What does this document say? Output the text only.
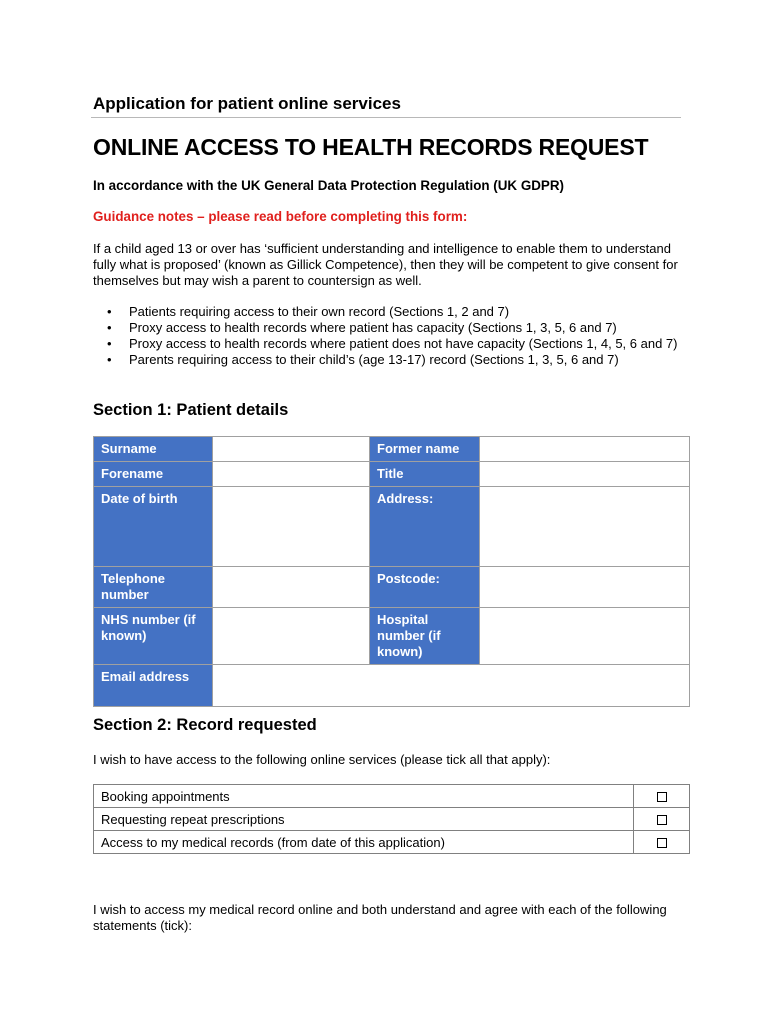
Application for patient online services
ONLINE ACCESS TO HEALTH RECORDS REQUEST
In accordance with the UK General Data Protection Regulation (UK GDPR)
Guidance notes – please read before completing this form:
If a child aged 13 or over has ‘sufficient understanding and intelligence to enable them to understand fully what is proposed’ (known as Gillick Competence), then they will be competent to give consent for themselves but may wish a parent to countersign as well.
• Patients requiring access to their own record (Sections 1, 2 and 7)
• Proxy access to health records where patient has capacity (Sections 1, 3, 5, 6 and 7)
• Proxy access to health records where patient does not have capacity (Sections 1, 4, 5, 6 and 7)
• Parents requiring access to their child’s (age 13-17) record (Sections 1, 3, 5, 6 and 7)
Section 1: Patient details
Surname		Former name	
Forename		Title	
Date of birth		Address:	
Telephone number		Postcode:	
NHS number (if known)		Hospital number (if known)	
Email address			
Section 2: Record requested
I wish to have access to the following online services (please tick all that apply):
Booking appointments	
Requesting repeat prescriptions	
Access to my medical records (from date of this application)	
I wish to access my medical record online and both understand and agree with each of the following statements (tick):
